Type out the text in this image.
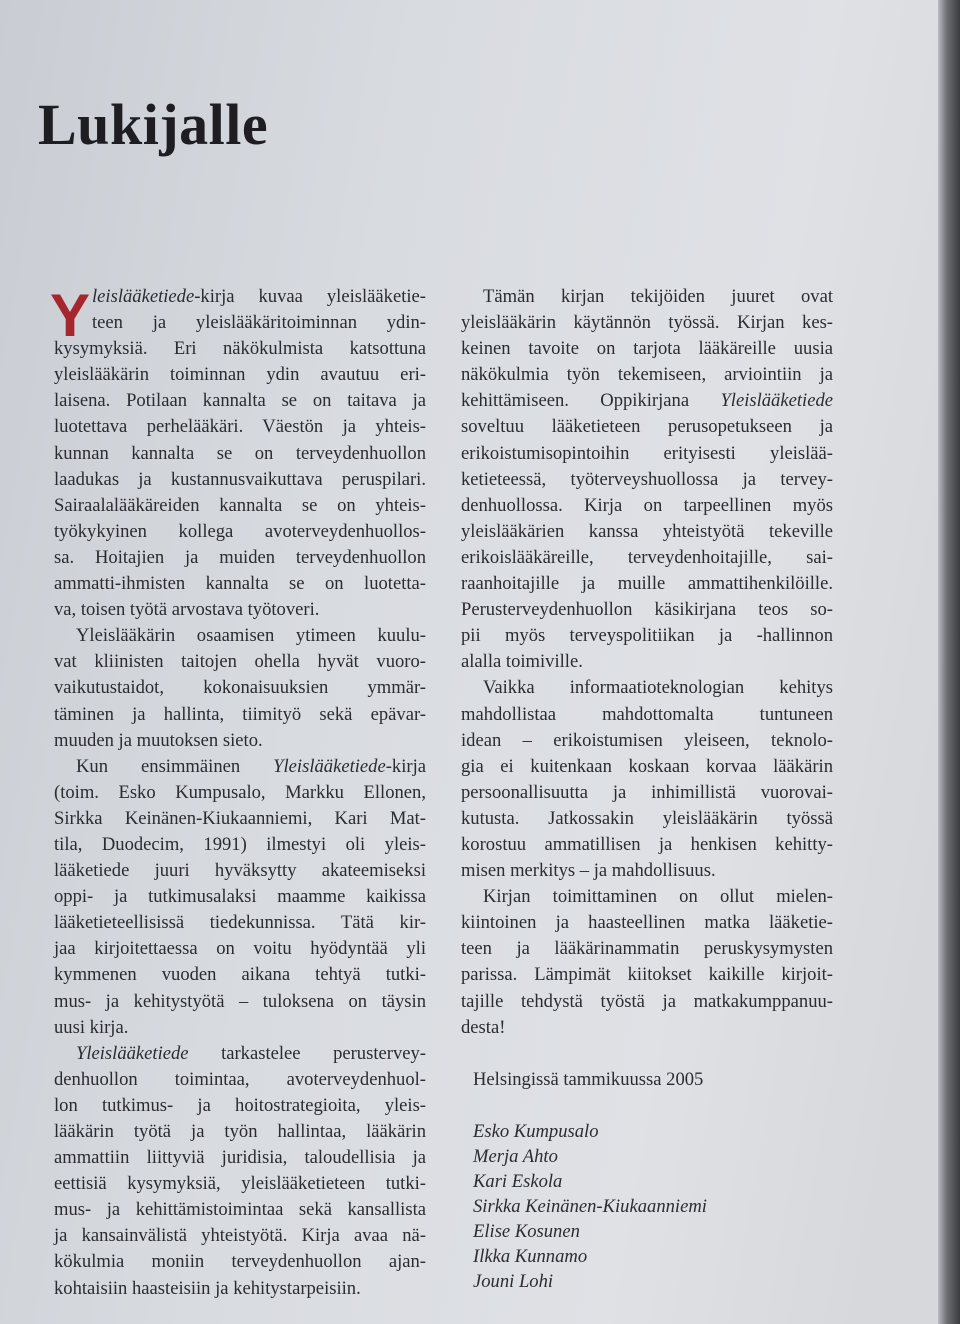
Lukijalle
Y leislääketiede-kirja kuvaa yleislääketie-
teen ja yleislääkäritoiminnan ydin-
kysymyksiä. Eri näkökulmista katsottuna
yleislääkärin toiminnan ydin avautuu eri-
laisena. Potilaan kannalta se on taitava ja
luotettava perhelääkäri. Väestön ja yhteis-
kunnan kannalta se on terveydenhuollon
laadukas ja kustannusvaikuttava peruspilari.
Sairaalalääkäreiden kannalta se on yhteis-
työkykyinen kollega avoterveydenhuollos-
sa. Hoitajien ja muiden terveydenhuollon
ammatti-ihmisten kannalta se on luotetta-
va, toisen työtä arvostava työtoveri.
Yleislääkärin osaamisen ytimeen kuulu-
vat kliinisten taitojen ohella hyvät vuoro-
vaikutustaidot, kokonaisuuksien ymmär-
täminen ja hallinta, tiimityö sekä epävar-
muuden ja muutoksen sieto.
Kun ensimmäinen Yleislääketiede-kirja
(toim. Esko Kumpusalo, Markku Ellonen,
Sirkka Keinänen-Kiukaanniemi, Kari Mat-
tila, Duodecim, 1991) ilmestyi oli yleis-
lääketiede juuri hyväksytty akateemiseksi
oppi- ja tutkimusalaksi maamme kaikissa
lääketieteellisissä tiedekunnissa. Tätä kir-
jaa kirjoitettaessa on voitu hyödyntää yli
kymmenen vuoden aikana tehtyä tutki-
mus- ja kehitystyötä – tuloksena on täysin
uusi kirja.
Yleislääketiede tarkastelee perustervey-
denhuollon toimintaa, avoterveydenhuol-
lon tutkimus- ja hoitostrategioita, yleis-
lääkärin työtä ja työn hallintaa, lääkärin
ammattiin liittyviä juridisia, taloudellisia ja
eettisiä kysymyksiä, yleislääketieteen tutki-
mus- ja kehittämistoimintaa sekä kansallista
ja kansainvälistä yhteistyötä. Kirja avaa nä-
kökulmia moniin terveydenhuollon ajan-
kohtaisiin haasteisiin ja kehitystarpeisiin.
Tämän kirjan tekijöiden juuret ovat
yleislääkärin käytännön työssä. Kirjan kes-
keinen tavoite on tarjota lääkäreille uusia
näkökulmia työn tekemiseen, arviointiin ja
kehittämiseen. Oppikirjana Yleislääketiede
soveltuu lääketieteen perusopetukseen ja
erikoistumisopintoihin erityisesti yleislää-
ketieteessä, työterveyshuollossa ja tervey-
denhuollossa. Kirja on tarpeellinen myös
yleislääkärien kanssa yhteistyötä tekeville
erikoislääkäreille, terveydenhoitajille, sai-
raanhoitajille ja muille ammattihenkilöille.
Perusterveydenhuollon käsikirjana teos so-
pii myös terveyspolitiikan ja -hallinnon
alalla toimiville.
Vaikka informaatioteknologian kehitys
mahdollistaa mahdottomalta tuntuneen
idean – erikoistumisen yleiseen, teknolo-
gia ei kuitenkaan koskaan korvaa lääkärin
persoonallisuutta ja inhimillistä vuorovai-
kutusta. Jatkossakin yleislääkärin työssä
korostuu ammatillisen ja henkisen kehitty-
misen merkitys – ja mahdollisuus.
Kirjan toimittaminen on ollut mielen-
kiintoinen ja haasteellinen matka lääketie-
teen ja lääkärinammatin peruskysymysten
parissa. Lämpimät kiitokset kaikille kirjoit-
tajille tehdystä työstä ja matkakumppanuu-
desta!
Helsingissä tammikuussa 2005
Esko Kumpusalo
Merja Ahto
Kari Eskola
Sirkka Keinänen-Kiukaanniemi
Elise Kosunen
Ilkka Kunnamo
Jouni Lohi
